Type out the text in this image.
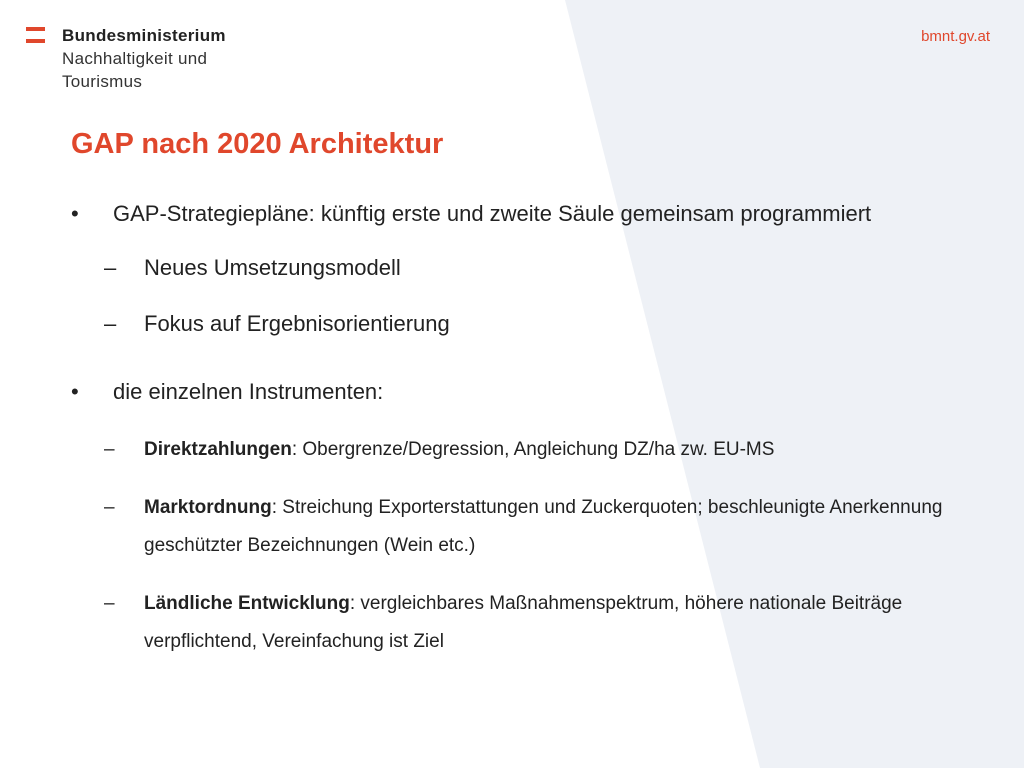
Bundesministerium
Nachhaltigkeit und
Tourismus
bmnt.gv.at
GAP nach 2020 Architektur
•	GAP-Strategiepläne: künftig erste und zweite Säule gemeinsam programmiert
– Neues Umsetzungsmodell
– Fokus auf Ergebnisorientierung
•	die einzelnen Instrumenten:
– Direktzahlungen: Obergrenze/Degression, Angleichung DZ/ha zw. EU-MS
– Marktordnung: Streichung Exporterstattungen und Zuckerquoten; beschleunigte Anerkennung geschützter Bezeichnungen (Wein etc.)
– Ländliche Entwicklung: vergleichbares Maßnahmenspektrum, höhere nationale Beiträge verpflichtend, Vereinfachung ist Ziel
